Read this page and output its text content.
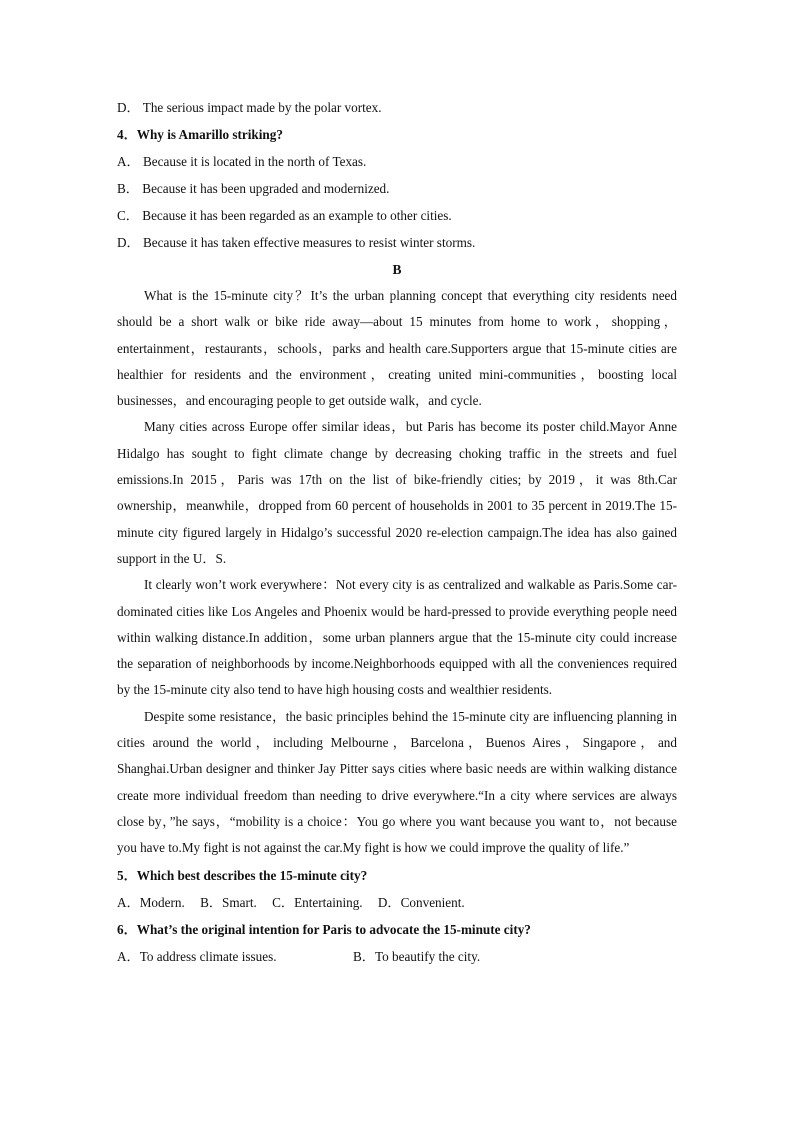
D． The serious impact made by the polar vortex.
4．Why is Amarillo striking?
A． Because it is located in the north of Texas.
B． Because it has been upgraded and modernized.
C． Because it has been regarded as an example to other cities.
D． Because it has taken effective measures to resist winter storms.
B

What is the 15-minute city？It’s the urban planning concept that everything city residents need should be a short walk or bike ride away—about 15 minutes from home to work，shopping，entertainment，restaurants，schools，parks and health care.Supporters argue that 15-minute cities are healthier for residents and the environment，creating united mini-communities，boosting local businesses，and encouraging people to get outside walk，and cycle.

Many cities across Europe offer similar ideas，but Paris has become its poster child.Mayor Anne Hidalgo has sought to fight climate change by decreasing choking traffic in the streets and fuel emissions.In 2015，Paris was 17th on the list of bike-friendly cities; by 2019，it was 8th.Car ownership，meanwhile，dropped from 60 percent of households in 2001 to 35 percent in 2019.The 15-minute city figured largely in Hidalgo’s successful 2020 re-election campaign.The idea has also gained support in the U．S.

It clearly won’t work everywhere：Not every city is as centralized and walkable as Paris.Some car-dominated cities like Los Angeles and Phoenix would be hard-pressed to provide everything people need within walking distance.In addition，some urban planners argue that the 15-minute city could increase the separation of neighborhoods by income.Neighborhoods equipped with all the conveniences required by the 15-minute city also tend to have high housing costs and wealthier residents.

Despite some resistance，the basic principles behind the 15-minute city are influencing planning in cities around the world，including Melbourne，Barcelona，Buenos Aires，Singapore，and Shanghai.Urban designer and thinker Jay Pitter says cities where basic needs are within walking distance create more individual freedom than needing to drive everywhere.“In a city where services are always close by，”he says，“mobility is a choice：You go where you want because you want to，not because you have to.My fight is not against the car.My fight is how we could improve the quality of life.”

5．Which best describes the 15-minute city?
A．Modern. B．Smart. C．Entertaining. D．Convenient.
6．What’s the original intention for Paris to advocate the 15-minute city?
A．To address climate issues.	B．To beautify the city.
